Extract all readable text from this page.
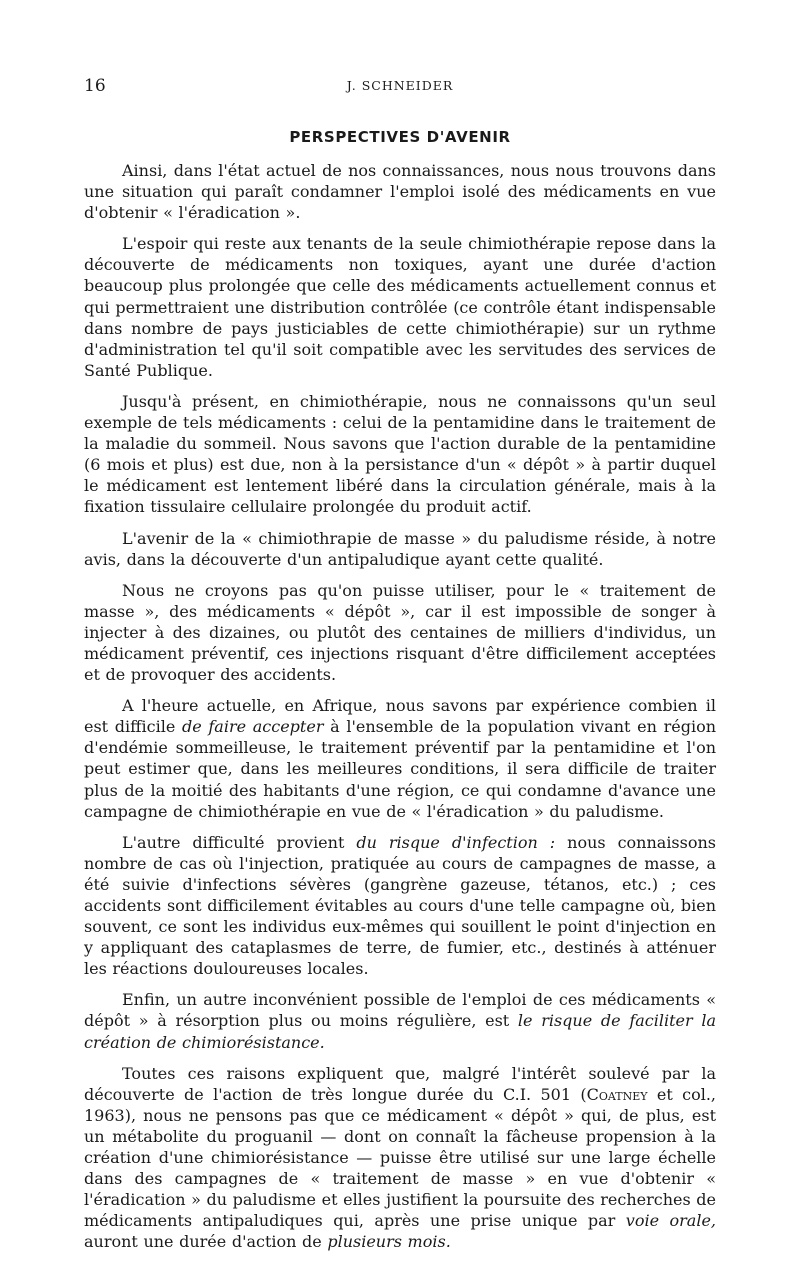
16	J. SCHNEIDER
PERSPECTIVES D'AVENIR

Ainsi, dans l'état actuel de nos connaissances, nous nous trouvons dans une situation qui paraît condamner l'emploi isolé des médicaments en vue d'obtenir « l'éradication ».

L'espoir qui reste aux tenants de la seule chimiothérapie repose dans la découverte de médicaments non toxiques, ayant une durée d'action beaucoup plus prolongée que celle des médicaments actuellement connus et qui permettraient une distribution contrôlée (ce contrôle étant indispensable dans nombre de pays justiciables de cette chimiothérapie) sur un rythme d'administration tel qu'il soit compatible avec les servitudes des services de Santé Publique.

Jusqu'à présent, en chimiothérapie, nous ne connaissons qu'un seul exemple de tels médicaments : celui de la pentamidine dans le traitement de la maladie du sommeil. Nous savons que l'action durable de la pentamidine (6 mois et plus) est due, non à la persistance d'un « dépôt » à partir duquel le médicament est lentement libéré dans la circulation générale, mais à la fixation tissulaire cellulaire prolongée du produit actif.

L'avenir de la « chimiothrapie de masse » du paludisme réside, à notre avis, dans la découverte d'un antipaludique ayant cette qualité.

Nous ne croyons pas qu'on puisse utiliser, pour le « traitement de masse », des médicaments « dépôt », car il est impossible de songer à injecter à des dizaines, ou plutôt des centaines de milliers d'individus, un médicament préventif, ces injections risquant d'être difficilement acceptées et de provoquer des accidents.

A l'heure actuelle, en Afrique, nous savons par expérience combien il est difficile de faire accepter à l'ensemble de la population vivant en région d'endémie sommeilleuse, le traitement préventif par la pentamidine et l'on peut estimer que, dans les meilleures conditions, il sera difficile de traiter plus de la moitié des habitants d'une région, ce qui condamne d'avance une campagne de chimiothérapie en vue de « l'éradication » du paludisme.

L'autre difficulté provient du risque d'infection : nous connaissons nombre de cas où l'injection, pratiquée au cours de campagnes de masse, a été suivie d'infections sévères (gangrène gazeuse, tétanos, etc.) ; ces accidents sont difficilement évitables au cours d'une telle campagne où, bien souvent, ce sont les individus eux-mêmes qui souillent le point d'injection en y appliquant des cataplasmes de terre, de fumier, etc., destinés à atténuer les réactions douloureuses locales.

Enfin, un autre inconvénient possible de l'emploi de ces médicaments « dépôt » à résorption plus ou moins régulière, est le risque de faciliter la création de chimiorésistance.

Toutes ces raisons expliquent que, malgré l'intérêt soulevé par la découverte de l'action de très longue durée du C.I. 501 (Coatney et col., 1963), nous ne pensons pas que ce médicament « dépôt » qui, de plus, est un métabolite du proguanil — dont on connaît la fâcheuse propension à la création d'une chimiorésistance — puisse être utilisé sur une large échelle dans des campagnes de « traitement de masse » en vue d'obtenir « l'éradication » du paludisme et elles justifient la poursuite des recherches de médicaments antipaludiques qui, après une prise unique par voie orale, auront une durée d'action de plusieurs mois.
